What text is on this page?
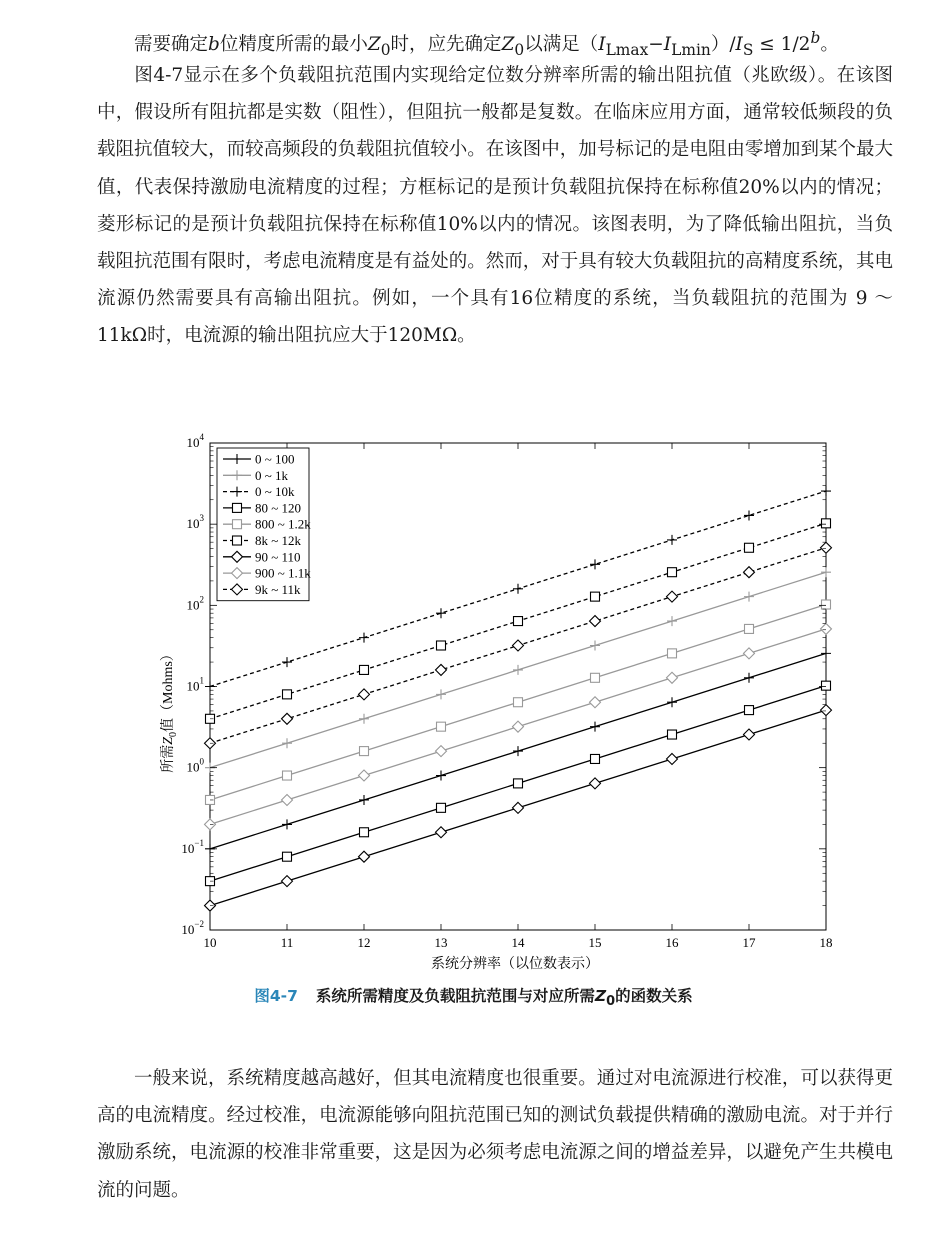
需要确定b位精度所需的最小$Z_0$时，应先确定$Z_0$以满足$(I_{Lmax}-I_{Lmin})/I_S \le 1/2^b$。

图4-7显示在多个负载阻抗范围内实现给定位数分辨率所需的输出阻抗值（兆欧级）。在该图中，假设所有阻抗都是实数（阻性），但阻抗一般都是复数。在临床应用方面，通常较低频段的负载阻抗值较大，而较高频段的负载阻抗值较小。在该图中，加号标记的是电阻由零增加到某个最大值，代表保持激励电流精度的过程；方框标记的是预计负载阻抗保持在标称值20%以内的情况；菱形标记的是预计负载阻抗保持在标称值10%以内的情况。该图表明，为了降低输出阻抗，当负载阻抗范围有限时，考虑电流精度是有益处的。然而，对于具有较大负载阻抗的高精度系统，其电流源仍然需要具有高输出阻抗。例如，一个具有16位精度的系统，当负载阻抗的范围为 9 ～ 11kΩ时，电流源的输出阻抗应大于120MΩ。

10	11	12	13	14	15	16	17	18
$10^{-2}$
$10^{-1}$
$10^0$
$10^1$
$10^2$
$10^3$
$10^4$
0 ~ 100
0 ~ 1k
0 ~ 10k
80 ~ 120
800 ~ 1.2k
8k ~ 12k
90 ~ 110
900 ~ 1.1k
9k ~ 11k
系统分辨率（以位数表示）
所需$Z_0$值（Mohms）
图4-7 系统所需精度及负载阻抗范围与对应所需$Z_0$的函数关系

一般来说，系统精度越高越好，但其电流精度也很重要。通过对电流源进行校准，可以获得更高的电流精度。经过校准，电流源能够向阻抗范围已知的测试负载提供精确的激励电流。对于并行激励系统，电流源的校准非常重要，这是因为必须考虑电流源之间的增益差异，以避免产生共模电流的问题。
